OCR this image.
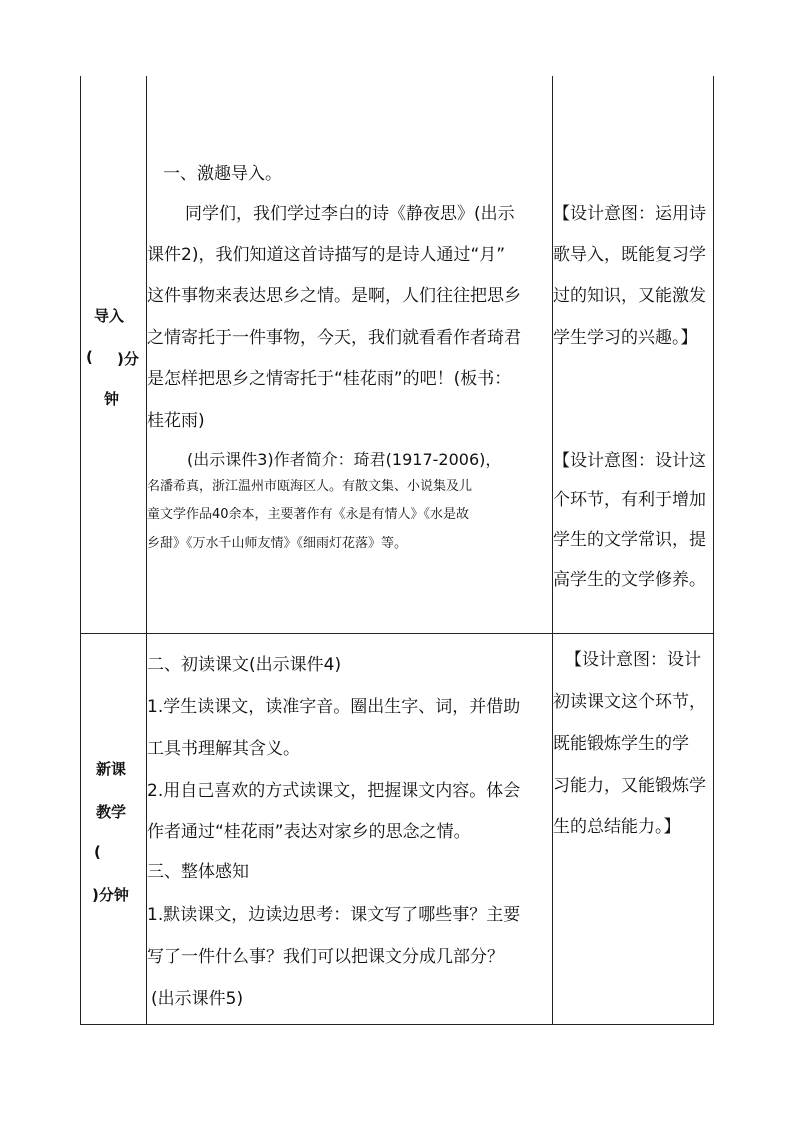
导入
( )分
钟
一、激趣导入。
同学们，我们学过李白的诗《静夜思》(出示
课件2)，我们知道这首诗描写的是诗人通过“月”
这件事物来表达思乡之情。是啊，人们往往把思乡
之情寄托于一件事物，今天，我们就看看作者琦君
是怎样把思乡之情寄托于“桂花雨”的吧！(板书：
桂花雨)
(出示课件3)作者简介：琦君(1917-2006)，
名潘希真，浙江温州市瓯海区人。有散文集、小说集及儿
童文学作品40余本，主要著作有《永是有情人》《水是故
乡甜》《万水千山师友情》《细雨灯花落》等。
【设计意图：运用诗
歌导入，既能复习学
过的知识，又能激发
学生学习的兴趣。】
【设计意图：设计这
个环节，有利于增加
学生的文学常识，提
高学生的文学修养。
新课
教学
(
)分钟
二、初读课文(出示课件4)
1.学生读课文，读准字音。圈出生字、词，并借助
工具书理解其含义。
2.用自己喜欢的方式读课文，把握课文内容。体会
作者通过“桂花雨”表达对家乡的思念之情。
三、整体感知
1.默读课文，边读边思考：课文写了哪些事？主要
写了一件什么事？我们可以把课文分成几部分？
(出示课件5)
【设计意图：设计
初读课文这个环节，
既能锻炼学生的学
习能力，又能锻炼学
生的总结能力。】
